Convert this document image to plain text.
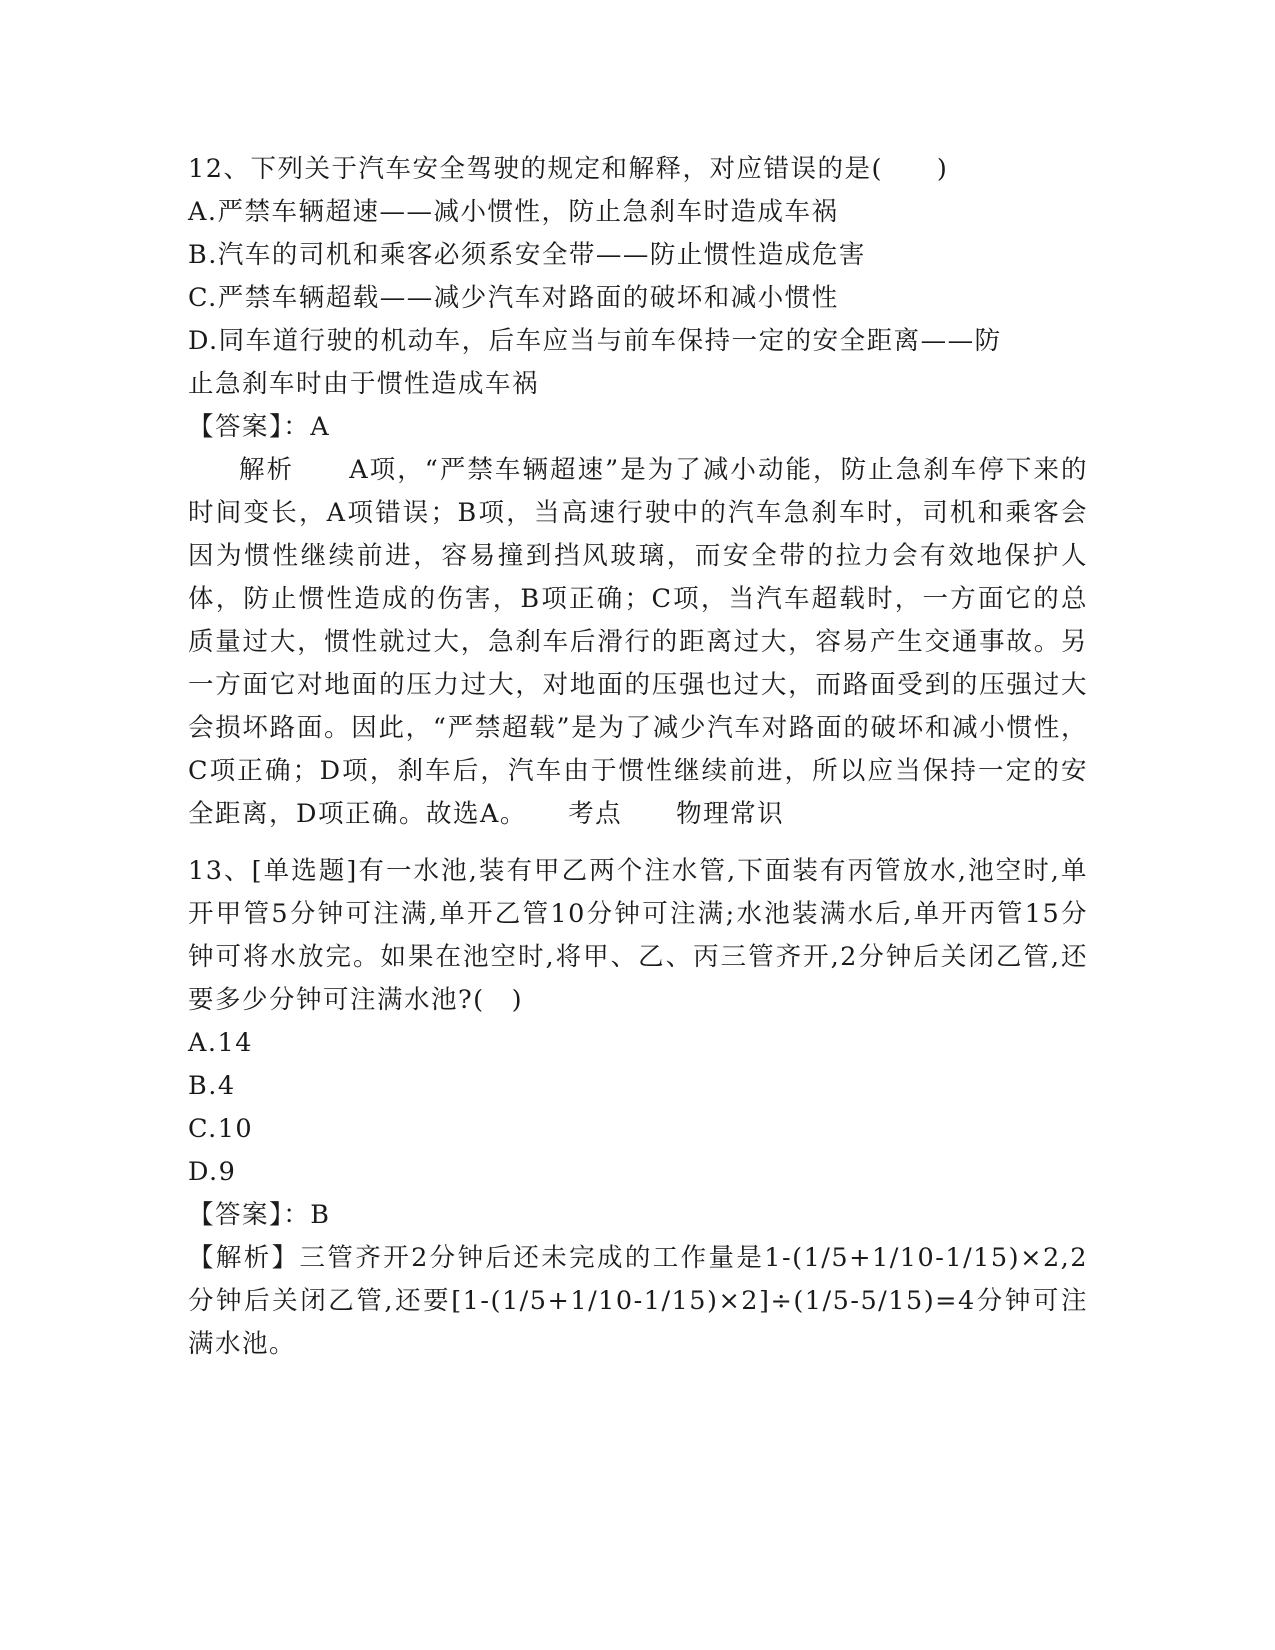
12、下列关于汽车安全驾驶的规定和解释，对应错误的是(　　)
A.严禁车辆超速——减小惯性，防止急刹车时造成车祸
B.汽车的司机和乘客必须系安全带——防止惯性造成危害
C.严禁车辆超载——减少汽车对路面的破坏和减小惯性
D.同车道行驶的机动车，后车应当与前车保持一定的安全距离——防
止急刹车时由于惯性造成车祸
【答案】：A
解析　　A项，“严禁车辆超速”是为了减小动能，防止急刹车停下来的时间变长，A项错误；B项，当高速行驶中的汽车急刹车时，司机和乘客会因为惯性继续前进，容易撞到挡风玻璃，而安全带的拉力会有效地保护人体，防止惯性造成的伤害，B项正确；C项，当汽车超载时，一方面它的总质量过大，惯性就过大，急刹车后滑行的距离过大，容易产生交通事故。另一方面它对地面的压力过大，对地面的压强也过大，而路面受到的压强过大会损坏路面。因此，“严禁超载”是为了减少汽车对路面的破坏和减小惯性，C项正确；D项，刹车后，汽车由于惯性继续前进，所以应当保持一定的安全距离，D项正确。故选A。　　考点　　物理常识
13、[单选题]有一水池,装有甲乙两个注水管,下面装有丙管放水,池空时,单开甲管5分钟可注满,单开乙管10分钟可注满;水池装满水后,单开丙管15分钟可将水放完。如果在池空时,将甲、乙、丙三管齐开,2分钟后关闭乙管,还要多少分钟可注满水池?(　)
A.14
B.4
C.10
D.9
【答案】：B
【解析】三管齐开2分钟后还未完成的工作量是1-(1/5+1/10-1/15)×2,2分钟后关闭乙管,还要[1-(1/5+1/10-1/15)×2]÷(1/5-5/15)=4分钟可注满水池。
